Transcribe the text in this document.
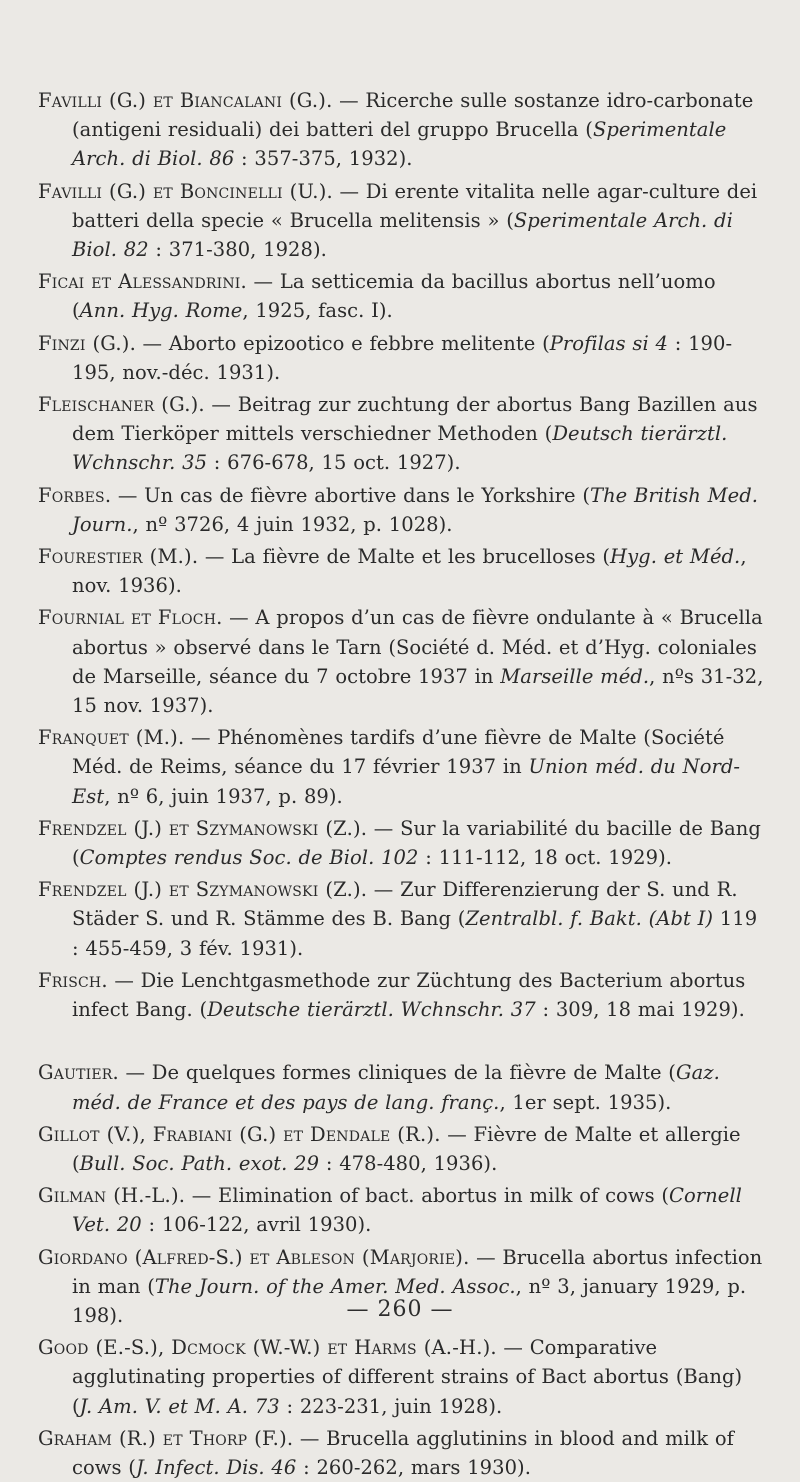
Favilli (G.) et Biancalani (G.). — Ricerche sulle sostanze idro-carbonate (antigeni residuali) dei batteri del gruppo Brucella (Sperimentale Arch. di Biol. 86 : 357-375, 1932).

Favilli (G.) et Boncinelli (U.). — Di erente vitalita nelle agar-culture dei batteri della specie « Brucella melitensis » (Sperimentale Arch. di Biol. 82 : 371-380, 1928).

Ficai et Alessandrini. — La setticemia da bacillus abortus nell’uomo (Ann. Hyg. Rome, 1925, fasc. I).

Finzi (G.). — Aborto epizootico e febbre melitente (Profilas si 4 : 190-195, nov.-déc. 1931).

Fleischaner (G.). — Beitrag zur zuchtung der abortus Bang Bazillen aus dem Tierköper mittels verschiedner Methoden (Deutsch tierärztl. Wchnschr. 35 : 676-678, 15 oct. 1927).

Forbes. — Un cas de fièvre abortive dans le Yorkshire (The British Med. Journ., nº 3726, 4 juin 1932, p. 1028).

Fourestier (M.). — La fièvre de Malte et les brucelloses (Hyg. et Méd., nov. 1936).

Fournial et Floch. — A propos d’un cas de fièvre ondulante à « Brucella abortus » observé dans le Tarn (Société d. Méd. et d’Hyg. coloniales de Marseille, séance du 7 octobre 1937 in Marseille méd., nºs 31-32, 15 nov. 1937).

Franquet (M.). — Phénomènes tardifs d’une fièvre de Malte (Société Méd. de Reims, séance du 17 février 1937 in Union méd. du Nord-Est, nº 6, juin 1937, p. 89).

Frendzel (J.) et Szymanowski (Z.). — Sur la variabilité du bacille de Bang (Comptes rendus Soc. de Biol. 102 : 111-112, 18 oct. 1929).

Frendzel (J.) et Szymanowski (Z.). — Zur Differenzierung der S. und R. Städer S. und R. Stämme des B. Bang (Zentralbl. f. Bakt. (Abt I) 119 : 455-459, 3 fév. 1931).

Frisch. — Die Lenchtgasmethode zur Züchtung des Bacterium abortus infect Bang. (Deutsche tierärztl. Wchnschr. 37 : 309, 18 mai 1929).

Gautier. — De quelques formes cliniques de la fièvre de Malte (Gaz. méd. de France et des pays de lang. franç., 1er sept. 1935).

Gillot (V.), Frabiani (G.) et Dendale (R.). — Fièvre de Malte et allergie (Bull. Soc. Path. exot. 29 : 478-480, 1936).

Gilman (H.-L.). — Elimination of bact. abortus in milk of cows (Cornell Vet. 20 : 106-122, avril 1930).

Giordano (Alfred-S.) et Ableson (Marjorie). — Brucella abortus infection in man (The Journ. of the Amer. Med. Assoc., nº 3, january 1929, p. 198).

Good (E.-S.), Dcmock (W.-W.) et Harms (A.-H.). — Comparative agglutinating properties of different strains of Bact abortus (Bang) (J. Am. V. et M. A. 73 : 223-231, juin 1928).

Graham (R.) et Thorp (F.). — Brucella agglutinins in blood and milk of cows (J. Infect. Dis. 46 : 260-262, mars 1930).

— 260 —
